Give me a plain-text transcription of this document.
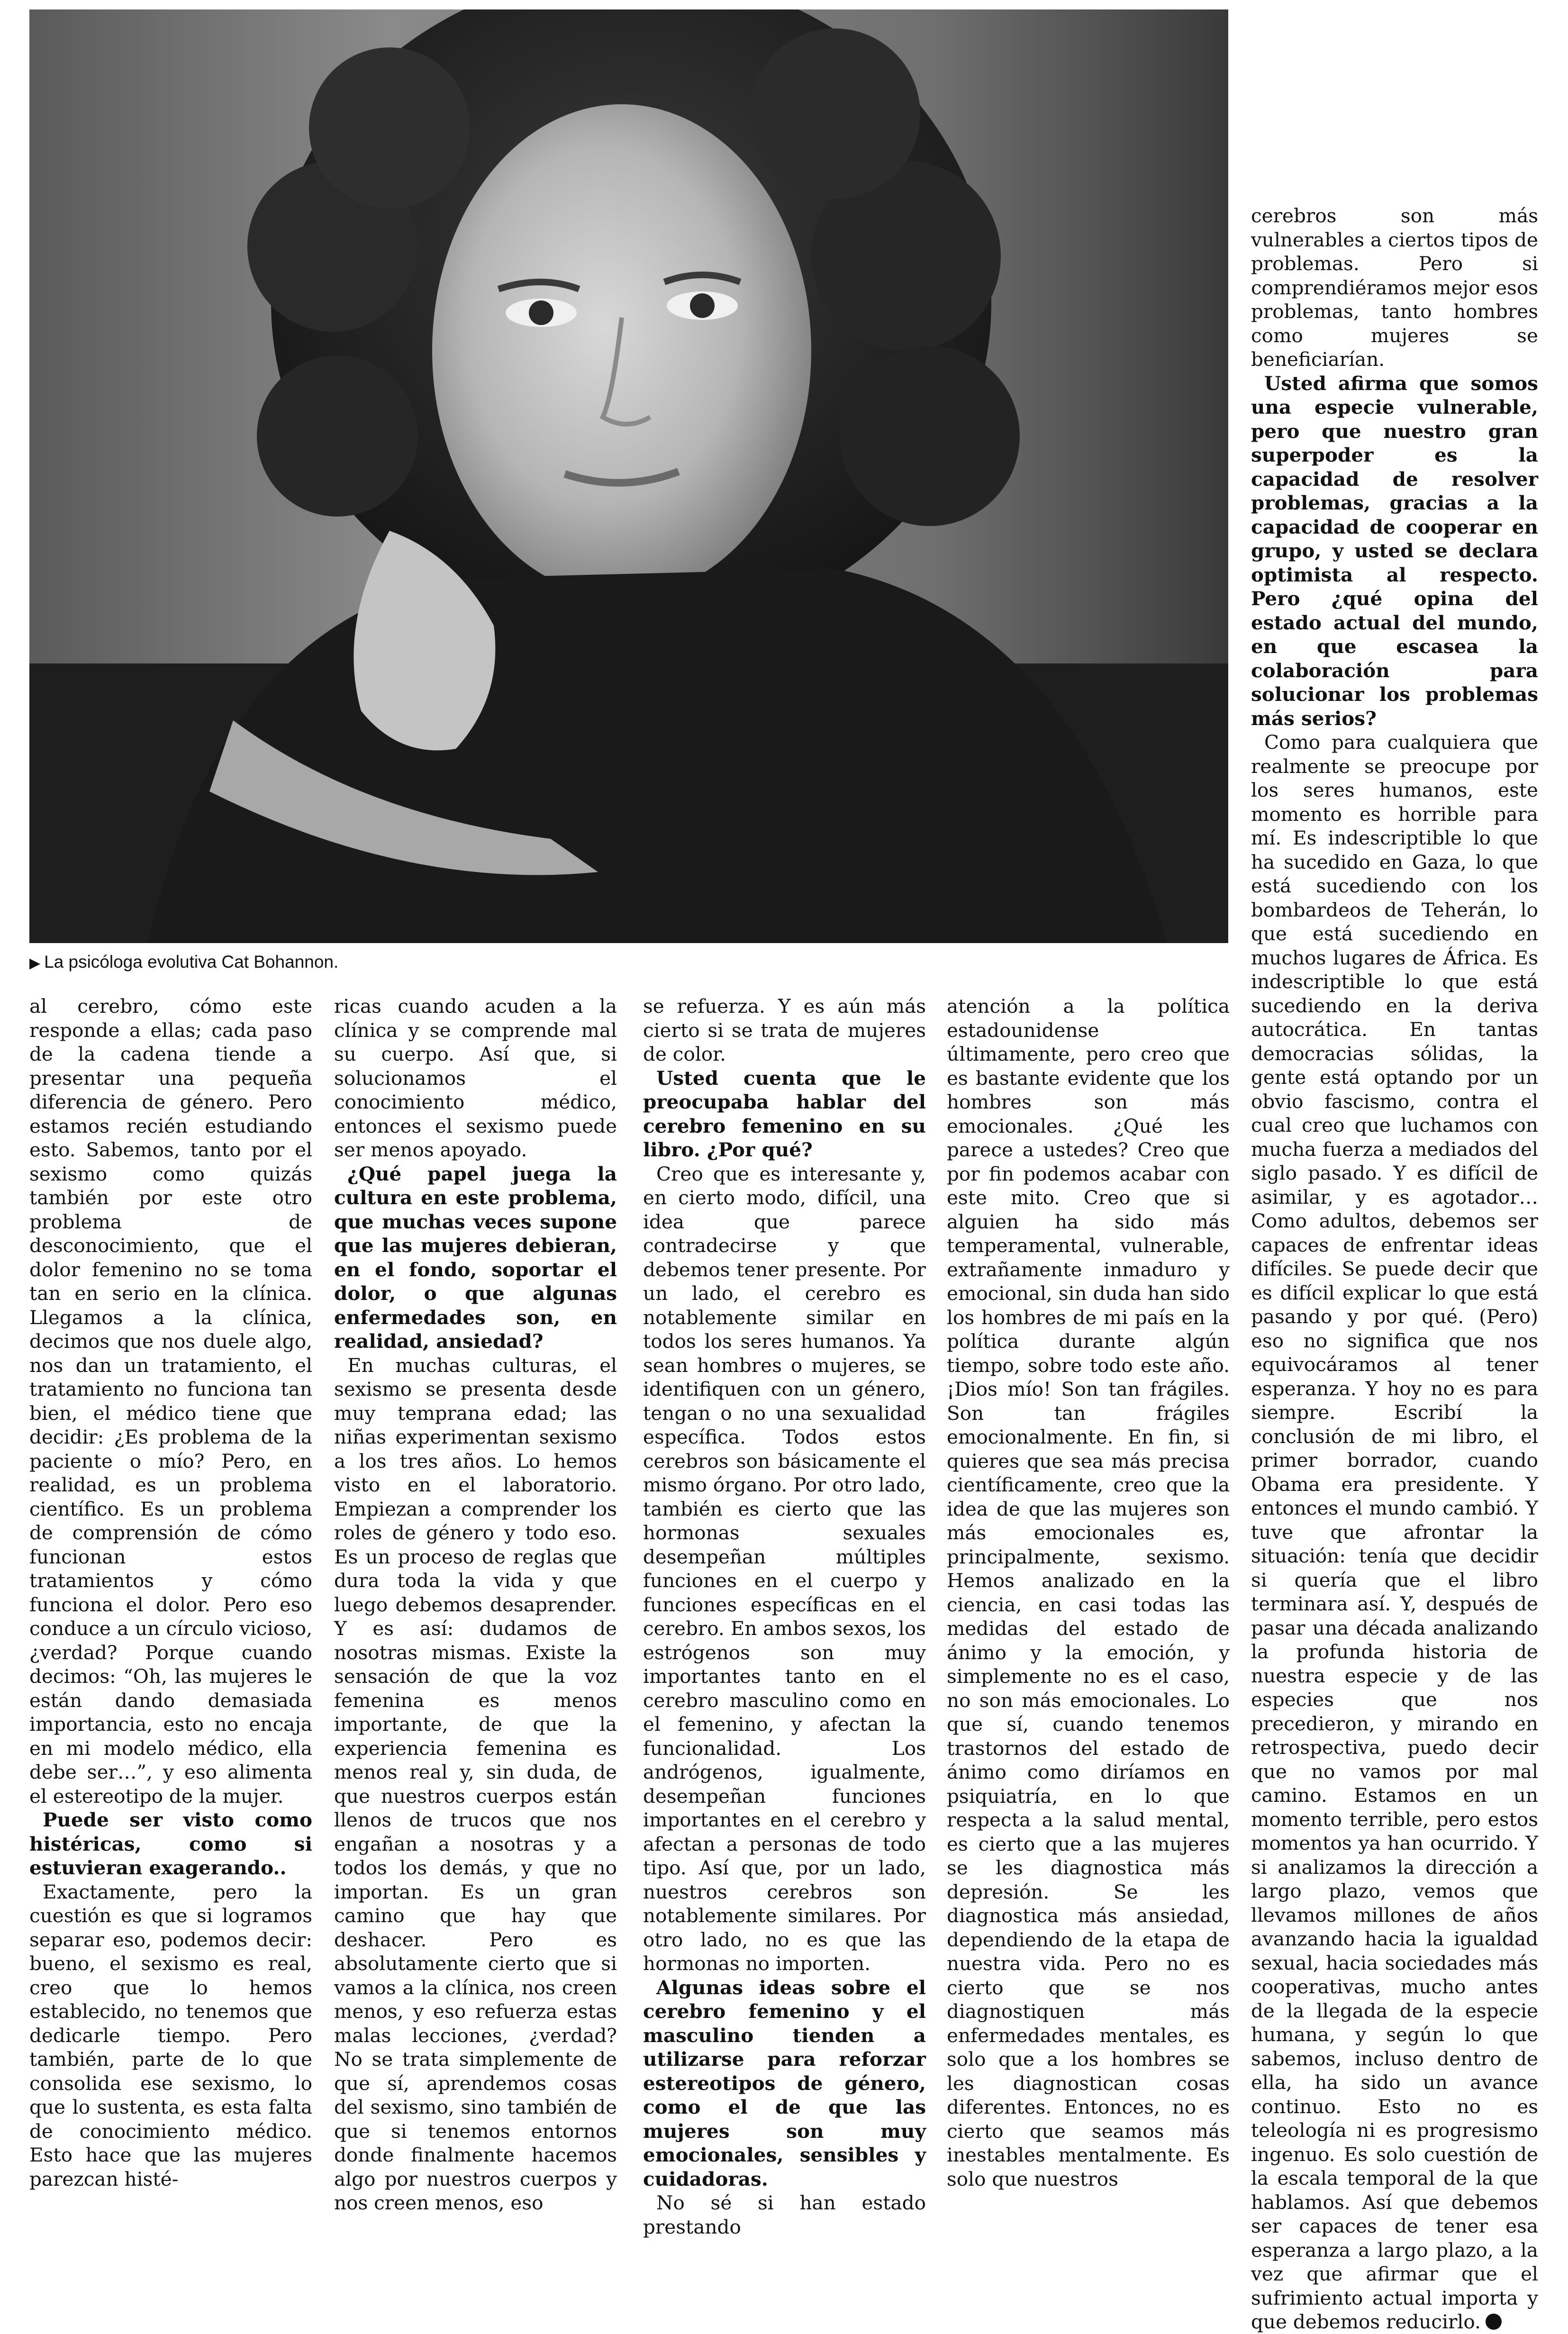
▶ La psicóloga evolutiva Cat Bohannon.

al cerebro, cómo este responde a ellas; cada paso de la cadena tiende a presentar una pequeña diferencia de género. Pero estamos recién estudiando esto. Sabemos, tanto por el sexismo como quizás también por este otro problema de desconocimiento, que el dolor femenino no se toma tan en serio en la clínica. Llegamos a la clínica, decimos que nos duele algo, nos dan un tratamiento, el tratamiento no funciona tan bien, el médico tiene que decidir: ¿Es problema de la paciente o mío? Pero, en realidad, es un problema científico. Es un problema de comprensión de cómo funcionan estos tratamientos y cómo funciona el dolor. Pero eso conduce a un círculo vicioso, ¿verdad? Porque cuando decimos: “Oh, las mujeres le están dando demasiada importancia, esto no encaja en mi modelo médico, ella debe ser…”, y eso alimenta el estereotipo de la mujer.

Puede ser visto como histéricas, como si estuvieran exagerando..

Exactamente, pero la cuestión es que si logramos separar eso, podemos decir: bueno, el sexismo es real, creo que lo hemos establecido, no tenemos que dedicarle tiempo. Pero también, parte de lo que consolida ese sexismo, lo que lo sustenta, es esta falta de conocimiento médico. Esto hace que las mujeres parezcan histé-

ricas cuando acuden a la clínica y se comprende mal su cuerpo. Así que, si solucionamos el conocimiento médico, entonces el sexismo puede ser menos apoyado.

¿Qué papel juega la cultura en este problema, que muchas veces supone que las mujeres debieran, en el fondo, soportar el dolor, o que algunas enfermedades son, en realidad, ansiedad?

En muchas culturas, el sexismo se presenta desde muy temprana edad; las niñas experimentan sexismo a los tres años. Lo hemos visto en el laboratorio. Empiezan a comprender los roles de género y todo eso. Es un proceso de reglas que dura toda la vida y que luego debemos desaprender. Y es así: dudamos de nosotras mismas. Existe la sensación de que la voz femenina es menos importante, de que la experiencia femenina es menos real y, sin duda, de que nuestros cuerpos están llenos de trucos que nos engañan a nosotras y a todos los demás, y que no importan. Es un gran camino que hay que deshacer. Pero es absolutamente cierto que si vamos a la clínica, nos creen menos, y eso refuerza estas malas lecciones, ¿verdad? No se trata simplemente de que sí, aprendemos cosas del sexismo, sino también de que si tenemos entornos donde finalmente hacemos algo por nuestros cuerpos y nos creen menos, eso

se refuerza. Y es aún más cierto si se trata de mujeres de color.

Usted cuenta que le preocupaba hablar del cerebro femenino en su libro. ¿Por qué?

Creo que es interesante y, en cierto modo, difícil, una idea que parece contradecirse y que debemos tener presente. Por un lado, el cerebro es notablemente similar en todos los seres humanos. Ya sean hombres o mujeres, se identifiquen con un género, tengan o no una sexualidad específica. Todos estos cerebros son básicamente el mismo órgano. Por otro lado, también es cierto que las hormonas sexuales desempeñan múltiples funciones en el cuerpo y funciones específicas en el cerebro. En ambos sexos, los estrógenos son muy importantes tanto en el cerebro masculino como en el femenino, y afectan la funcionalidad. Los andrógenos, igualmente, desempeñan funciones importantes en el cerebro y afectan a personas de todo tipo. Así que, por un lado, nuestros cerebros son notablemente similares. Por otro lado, no es que las hormonas no importen.

Algunas ideas sobre el cerebro femenino y el masculino tienden a utilizarse para reforzar estereotipos de género, como el de que las mujeres son muy emocionales, sensibles y cuidadoras.

No sé si han estado prestando

atención a la política estadounidense últimamente, pero creo que es bastante evidente que los hombres son más emocionales. ¿Qué les parece a ustedes? Creo que por fin podemos acabar con este mito. Creo que si alguien ha sido más temperamental, vulnerable, extrañamente inmaduro y emocional, sin duda han sido los hombres de mi país en la política durante algún tiempo, sobre todo este año. ¡Dios mío! Son tan frágiles. Son tan frágiles emocionalmente. En fin, si quieres que sea más precisa científicamente, creo que la idea de que las mujeres son más emocionales es, principalmente, sexismo. Hemos analizado en la ciencia, en casi todas las medidas del estado de ánimo y la emoción, y simplemente no es el caso, no son más emocionales. Lo que sí, cuando tenemos trastornos del estado de ánimo como diríamos en psiquiatría, en lo que respecta a la salud mental, es cierto que a las mujeres se les diagnostica más depresión. Se les diagnostica más ansiedad, dependiendo de la etapa de nuestra vida. Pero no es cierto que se nos diagnostiquen más enfermedades mentales, es solo que a los hombres se les diagnostican cosas diferentes. Entonces, no es cierto que seamos más inestables mentalmente. Es solo que nuestros

cerebros son más vulnerables a ciertos tipos de problemas. Pero si comprendiéramos mejor esos problemas, tanto hombres como mujeres se beneficiarían.

Usted afirma que somos una especie vulnerable, pero que nuestro gran superpoder es la capacidad de resolver problemas, gracias a la capacidad de cooperar en grupo, y usted se declara optimista al respecto. Pero ¿qué opina del estado actual del mundo, en que escasea la colaboración para solucionar los problemas más serios?

Como para cualquiera que realmente se preocupe por los seres humanos, este momento es horrible para mí. Es indescriptible lo que ha sucedido en Gaza, lo que está sucediendo con los bombardeos de Teherán, lo que está sucediendo en muchos lugares de África. Es indescriptible lo que está sucediendo en la deriva autocrática. En tantas democracias sólidas, la gente está optando por un obvio fascismo, contra el cual creo que luchamos con mucha fuerza a mediados del siglo pasado. Y es difícil de asimilar, y es agotador… Como adultos, debemos ser capaces de enfrentar ideas difíciles. Se puede decir que es difícil explicar lo que está pasando y por qué. (Pero) eso no significa que nos equivocáramos al tener esperanza. Y hoy no es para siempre. Escribí la conclusión de mi libro, el primer borrador, cuando Obama era presidente. Y entonces el mundo cambió. Y tuve que afrontar la situación: tenía que decidir si quería que el libro terminara así. Y, después de pasar una década analizando la profunda historia de nuestra especie y de las especies que nos precedieron, y mirando en retrospectiva, puedo decir que no vamos por mal camino. Estamos en un momento terrible, pero estos momentos ya han ocurrido. Y si analizamos la dirección a largo plazo, vemos que llevamos millones de años avanzando hacia la igualdad sexual, hacia sociedades más cooperativas, mucho antes de la llegada de la especie humana, y según lo que sabemos, incluso dentro de ella, ha sido un avance continuo. Esto no es teleología ni es progresismo ingenuo. Es solo cuestión de la escala temporal de la que hablamos. Así que debemos ser capaces de tener esa esperanza a largo plazo, a la vez que afirmar que el sufrimiento actual importa y que debemos reducirlo.
